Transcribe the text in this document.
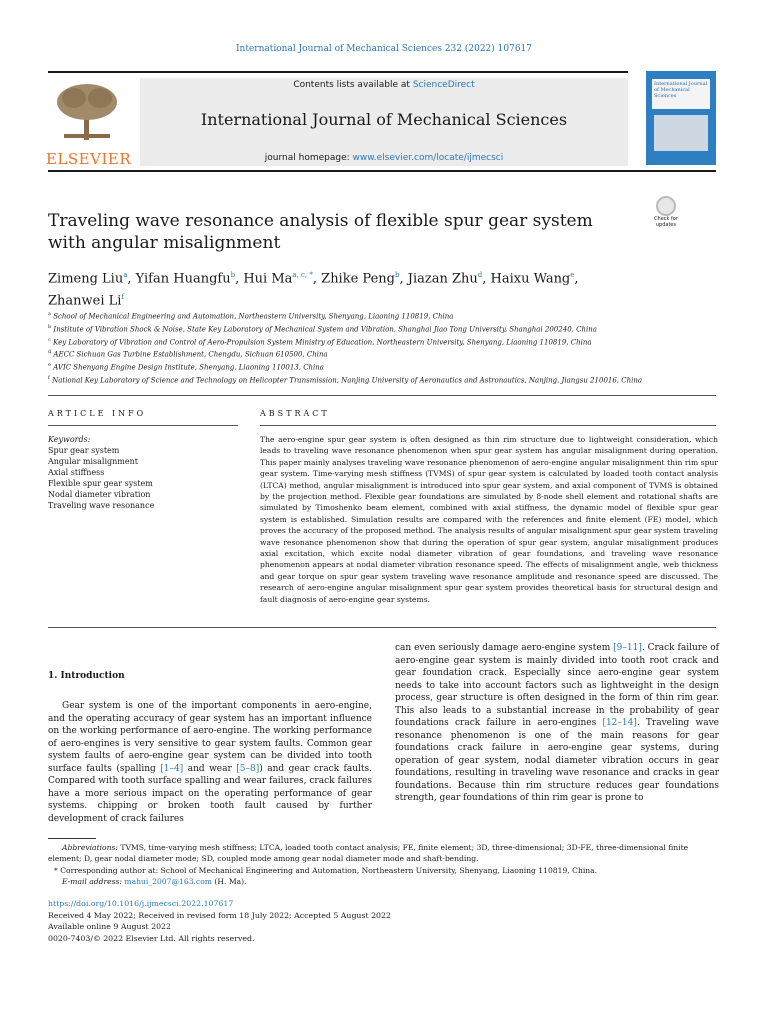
International Journal of Mechanical Sciences 232 (2022) 107617
ELSEVIER
Contents lists available at ScienceDirect
International Journal of Mechanical Sciences
journal homepage: www.elsevier.com/locate/ijmecsci
International Journal of Mechanical Sciences
Check for
updates
Traveling wave resonance analysis of flexible spur gear system with angular misalignment
Zimeng Liu$^a$, Yifan Huangfu$^b$, Hui $Ma^{a, c, *}$, Zhike Peng$^b$, Jiazan Zhu$^d$, Haixu Wang$^e$,
Zhanwei Li$^f$
$^a$ School of Mechanical Engineering and Automation, Northeastern University, Shenyang, Liaoning 110819, China
$^b$ Institute of Vibration Shock & Noise, State Key Laboratory of Mechanical System and Vibration, Shanghai Jiao Tong University, Shanghai 200240, China
$^c$ Key Laboratory of Vibration and Control of Aero-Propulsion System Ministry of Education, Northeastern University, Shenyang, Liaoning 110819, China
$^d$ AECC Sichuan Gas Turbine Establishment, Chengdu, Sichuan 610500, China
$^e$ AVIC Shenyang Engine Design Institute, Shenyang, Liaoning 110013, China
$^f$ National Key Laboratory of Science and Technology on Helicopter Transmission, Nanjing University of Aeronautics and Astronautics, Nanjing, Jiangsu 210016, China
ARTICLE INFO	ABSTRACT
Keywords:
Spur gear system
Angular misalignment
Axial stiffness
Flexible spur gear system
Nodal diameter vibration
Traveling wave resonance
The aero-engine spur gear system is often designed as thin rim structure due to lightweight consideration, which leads to traveling wave resonance phenomenon when spur gear system has angular misalignment during operation. This paper mainly analyses traveling wave resonance phenomenon of aero-engine angular misalignment thin rim spur gear system. Time-varying mesh stiffness (TVMS) of spur gear system is calculated by loaded tooth contact analysis (LTCA) method, angular misalignment is introduced into spur gear system, and axial component of TVMS is obtained by the projection method. Flexible gear foundations are simulated by 8-node shell element and rotational shafts are simulated by Timoshenko beam element, combined with axial stiffness, the dynamic model of flexible spur gear system is established. Simulation results are compared with the references and finite element (FE) model, which proves the accuracy of the proposed method. The analysis results of angular misalignment spur gear system traveling wave resonance phenomenon show that during the operation of spur gear system, angular misalignment produces axial excitation, which excite nodal diameter vibration of gear foundations, and traveling wave resonance phenomenon appears at nodal diameter vibration resonance speed. The effects of misalignment angle, web thickness and gear torque on spur gear system traveling wave resonance amplitude and resonance speed are discussed. The research of aero-engine angular misalignment spur gear system provides theoretical basis for structural design and fault diagnosis of aero-engine gear systems.
1. Introduction
Gear system is one of the important components in aero-engine, and the operating accuracy of gear system has an important influence on the working performance of aero-engine. The working performance of aero-engines is very sensitive to gear system faults. Common gear system faults of aero-engine gear system can be divided into tooth surface faults (spalling [1–4] and wear [5–8]) and gear crack faults. Compared with tooth surface spalling and wear failures, crack failures have a more serious impact on the operating performance of gear systems. chipping or broken tooth fault caused by further development of crack failures
can even seriously damage aero-engine system [9–11]. Crack failure of aero-engine gear system is mainly divided into tooth root crack and gear foundation crack. Especially since aero-engine gear system needs to take into account factors such as lightweight in the design process, gear structure is often designed in the form of thin rim gear. This also leads to a substantial increase in the probability of gear foundations crack failure in aero-engines [12–14]. Traveling wave resonance phenomenon is one of the main reasons for gear foundations crack failure in aero-engine gear systems, during operation of gear system, nodal diameter vibration occurs in gear foundations, resulting in traveling wave resonance and cracks in gear foundations. Because thin rim structure reduces gear foundations strength, gear foundations of thin rim gear is prone to
Abbreviations: TVMS, time-varying mesh stiffness; LTCA, loaded tooth contact analysis; FE, finite element; 3D, three-dimensional; 3D-FE, three-dimensional finite element; D, gear nodal diameter mode; SD, coupled mode among gear nodal diameter mode and shaft-bending.
* Corresponding author at: School of Mechanical Engineering and Automation, Northeastern University, Shenyang, Liaoning 110819, China.
E-mail address: mahui_2007@163.com (H. Ma).
https://doi.org/10.1016/j.ijmecsci.2022.107617
Received 4 May 2022; Received in revised form 18 July 2022; Accepted 5 August 2022
Available online 9 August 2022
0020-7403/© 2022 Elsevier Ltd. All rights reserved.
